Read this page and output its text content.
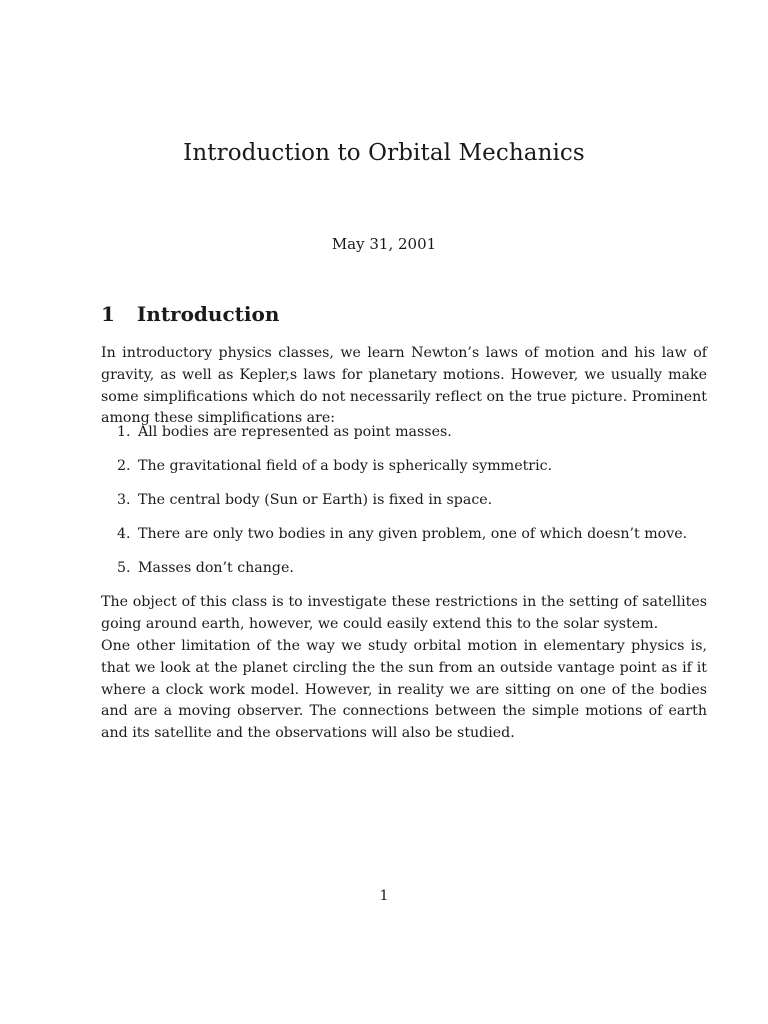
Introduction to Orbital Mechanics

May 31, 2001

1 Introduction

In introductory physics classes, we learn Newton’s laws of motion and his law of gravity, as well as Kepler,s laws for planetary motions. However, we usually make some simplifications which do not necessarily reflect on the true picture. Prominent among these simplifications are:

1. All bodies are represented as point masses.
2. The gravitational field of a body is spherically symmetric.
3. The central body (Sun or Earth) is fixed in space.
4. There are only two bodies in any given problem, one of which doesn’t move.
5. Masses don’t change.

The object of this class is to investigate these restrictions in the setting of satellites going around earth, however, we could easily extend this to the solar system.

One other limitation of the way we study orbital motion in elementary physics is, that we look at the planet circling the the sun from an outside vantage point as if it where a clock work model. However, in reality we are sitting on one of the bodies and are a moving observer. The connections between the simple motions of earth and its satellite and the observations will also be studied.

1
